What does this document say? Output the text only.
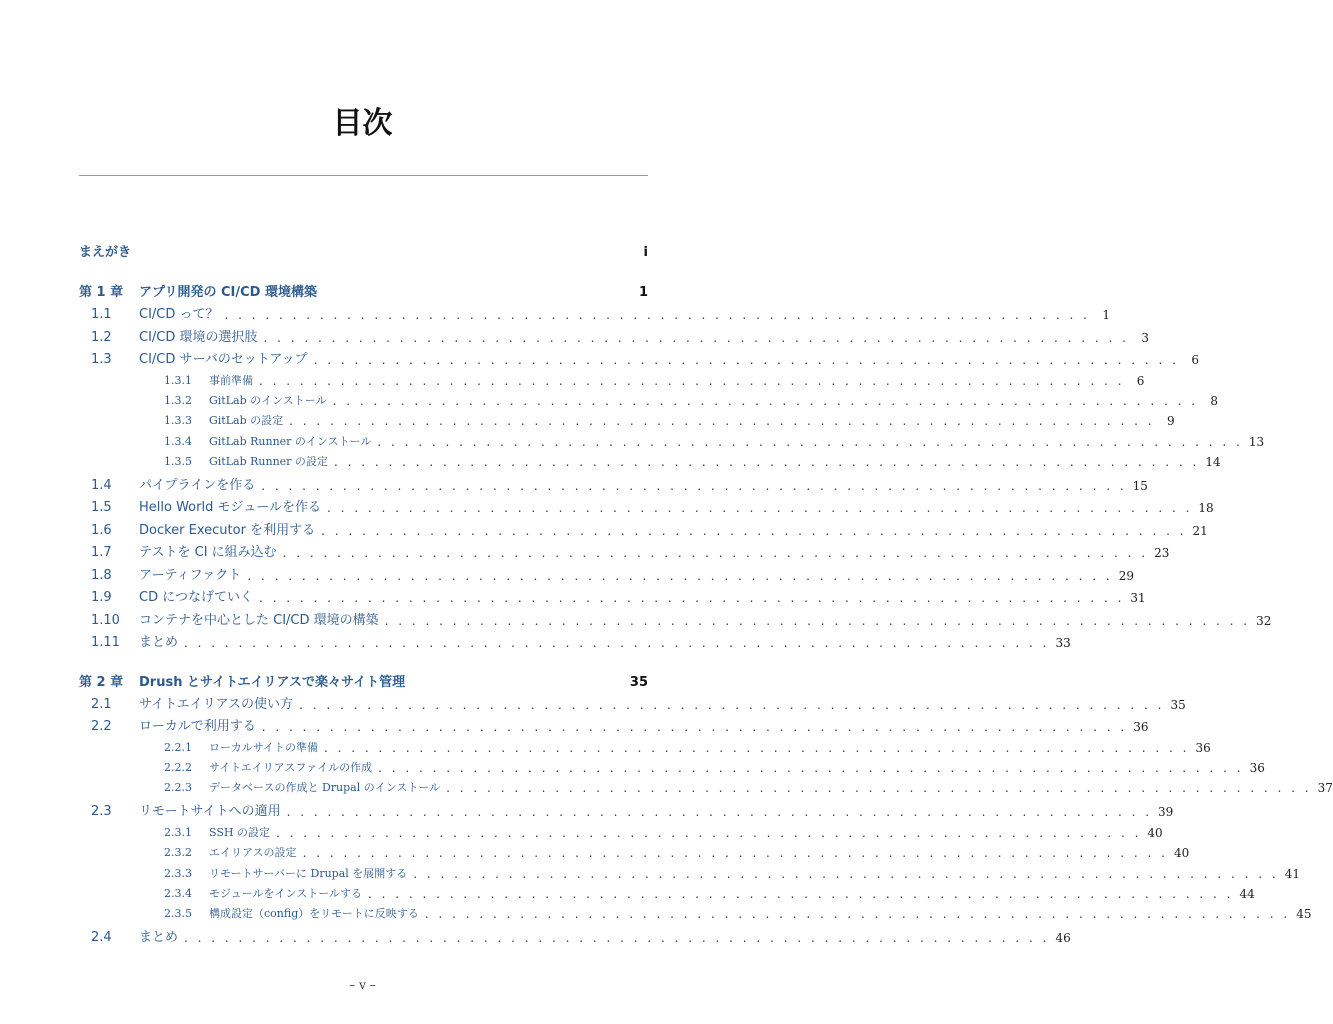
目次
まえがき	i
第 1 章	アプリ開発の CI/CD 環境構築	1
1.1	CI/CD って？ . . . . . . . . . . . . . . . . . . . . . . . . . . . . . . . . . . . . . . . . . . . . . . . . . . . . . . . . . . . . . . . .	1
1.2	CI/CD 環境の選択肢 . . . . . . . . . . . . . . . . . . . . . . . . . . . . . . . . . . . . . . . . . . . . . . . . . . . . . . . . . . . . . . . .	3
1.3	CI/CD サーバのセットアップ . . . . . . . . . . . . . . . . . . . . . . . . . . . . . . . . . . . . . . . . . . . . . . . . . . . . . . . . . . . . . . . .	6
1.3.1	事前準備 . . . . . . . . . . . . . . . . . . . . . . . . . . . . . . . . . . . . . . . . . . . . . . . . . . . . . . . . . . . . . . . .	6
1.3.2	GitLab のインストール . . . . . . . . . . . . . . . . . . . . . . . . . . . . . . . . . . . . . . . . . . . . . . . . . . . . . . . . . . . . . . . .	8
1.3.3	GitLab の設定 . . . . . . . . . . . . . . . . . . . . . . . . . . . . . . . . . . . . . . . . . . . . . . . . . . . . . . . . . . . . . . . .	9
1.3.4	GitLab Runner のインストール . . . . . . . . . . . . . . . . . . . . . . . . . . . . . . . . . . . . . . . . . . . . . . . . . . . . . . . . . . . . . . . . 13
1.3.5	GitLab Runner の設定 . . . . . . . . . . . . . . . . . . . . . . . . . . . . . . . . . . . . . . . . . . . . . . . . . . . . . . . . . . . . . . . . 14
1.4	パイプラインを作る . . . . . . . . . . . . . . . . . . . . . . . . . . . . . . . . . . . . . . . . . . . . . . . . . . . . . . . . . . . . . . . . 15
1.5	Hello World モジュールを作る . . . . . . . . . . . . . . . . . . . . . . . . . . . . . . . . . . . . . . . . . . . . . . . . . . . . . . . . . . . . . . . . 18
1.6	Docker Executor を利用する . . . . . . . . . . . . . . . . . . . . . . . . . . . . . . . . . . . . . . . . . . . . . . . . . . . . . . . . . . . . . . . . 21
1.7	テストを CI に組み込む . . . . . . . . . . . . . . . . . . . . . . . . . . . . . . . . . . . . . . . . . . . . . . . . . . . . . . . . . . . . . . . . 23
1.8	アーティファクト . . . . . . . . . . . . . . . . . . . . . . . . . . . . . . . . . . . . . . . . . . . . . . . . . . . . . . . . . . . . . . . . 29
1.9	CD につなげていく . . . . . . . . . . . . . . . . . . . . . . . . . . . . . . . . . . . . . . . . . . . . . . . . . . . . . . . . . . . . . . . . 31
1.10	コンテナを中心とした CI/CD 環境の構築 . . . . . . . . . . . . . . . . . . . . . . . . . . . . . . . . . . . . . . . . . . . . . . . . . . . . . . . . . . . . . . . . 32
1.11	まとめ . . . . . . . . . . . . . . . . . . . . . . . . . . . . . . . . . . . . . . . . . . . . . . . . . . . . . . . . . . . . . . . . 33
第 2 章	Drush とサイトエイリアスで楽々サイト管理	35
2.1	サイトエイリアスの使い方 . . . . . . . . . . . . . . . . . . . . . . . . . . . . . . . . . . . . . . . . . . . . . . . . . . . . . . . . . . . . . . . . 35
2.2	ローカルで利用する . . . . . . . . . . . . . . . . . . . . . . . . . . . . . . . . . . . . . . . . . . . . . . . . . . . . . . . . . . . . . . . . 36
2.2.1	ローカルサイトの準備 . . . . . . . . . . . . . . . . . . . . . . . . . . . . . . . . . . . . . . . . . . . . . . . . . . . . . . . . . . . . . . . . 36
2.2.2	サイトエイリアスファイルの作成 . . . . . . . . . . . . . . . . . . . . . . . . . . . . . . . . . . . . . . . . . . . . . . . . . . . . . . . . . . . . . . . . 36
2.2.3	データベースの作成と Drupal のインストール . . . . . . . . . . . . . . . . . . . . . . . . . . . . . . . . . . . . . . . . . . . . . . . . . . . . . . . . . . . . . . . . 37
2.3	リモートサイトへの適用 . . . . . . . . . . . . . . . . . . . . . . . . . . . . . . . . . . . . . . . . . . . . . . . . . . . . . . . . . . . . . . . . 39
2.3.1	SSH の設定 . . . . . . . . . . . . . . . . . . . . . . . . . . . . . . . . . . . . . . . . . . . . . . . . . . . . . . . . . . . . . . . . 40
2.3.2	エイリアスの設定 . . . . . . . . . . . . . . . . . . . . . . . . . . . . . . . . . . . . . . . . . . . . . . . . . . . . . . . . . . . . . . . . 40
2.3.3	リモートサーバーに Drupal を展開する . . . . . . . . . . . . . . . . . . . . . . . . . . . . . . . . . . . . . . . . . . . . . . . . . . . . . . . . . . . . . . . . 41
2.3.4	モジュールをインストールする . . . . . . . . . . . . . . . . . . . . . . . . . . . . . . . . . . . . . . . . . . . . . . . . . . . . . . . . . . . . . . . . 44
2.3.5	構成設定（config）をリモートに反映する . . . . . . . . . . . . . . . . . . . . . . . . . . . . . . . . . . . . . . . . . . . . . . . . . . . . . . . . . . . . . . . . 45
2.4	まとめ . . . . . . . . . . . . . . . . . . . . . . . . . . . . . . . . . . . . . . . . . . . . . . . . . . . . . . . . . . . . . . . . 46
– v –
